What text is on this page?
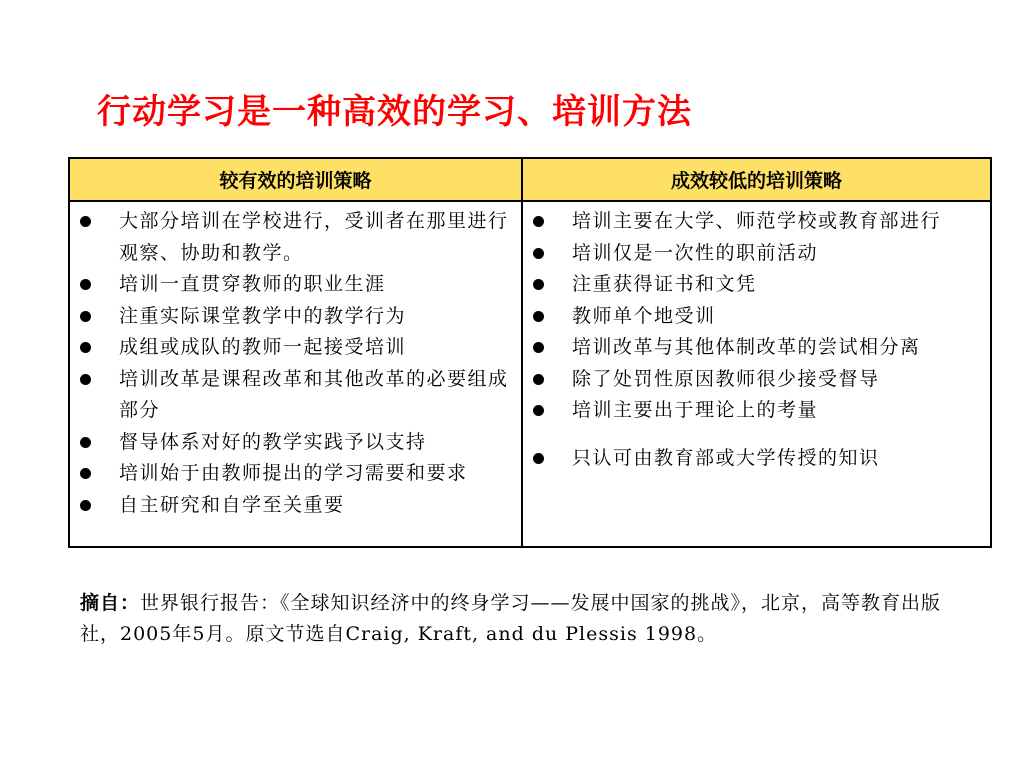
行动学习是一种高效的学习、培训方法
较有效的培训策略	成效较低的培训策略
大部分培训在学校进行，受训者在那里进行观察、协助和教学。
培训一直贯穿教师的职业生涯
注重实际课堂教学中的教学行为
成组或成队的教师一起接受培训
培训改革是课程改革和其他改革的必要组成部分
督导体系对好的教学实践予以支持
培训始于由教师提出的学习需要和要求
自主研究和自学至关重要
培训主要在大学、师范学校或教育部进行
培训仅是一次性的职前活动
注重获得证书和文凭
教师单个地受训
培训改革与其他体制改革的尝试相分离
除了处罚性原因教师很少接受督导
培训主要出于理论上的考量
只认可由教育部或大学传授的知识
摘自：世界银行报告：《全球知识经济中的终身学习——发展中国家的挑战》，北京，高等教育出版社，2005年5月。原文节选自Craig, Kraft, and du Plessis 1998。
